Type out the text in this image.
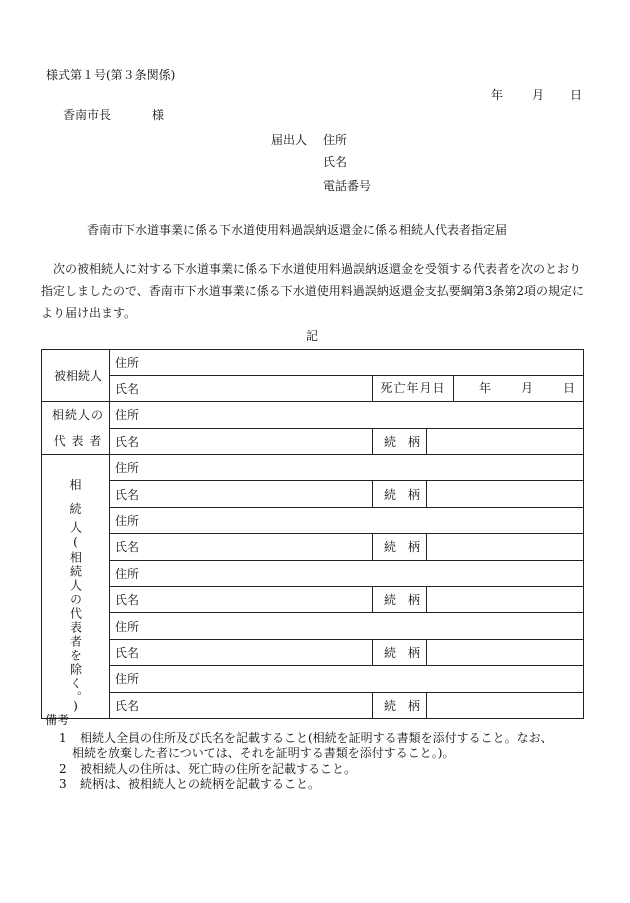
様式第１号(第３条関係)
年 月 日
香南市長	様
届出人 住所
氏名
電話番号
香南市下水道事業に係る下水道使用料過誤納返還金に係る相続人代表者指定届
次の被相続人に対する下水道事業に係る下水道使用料過誤納返還金を受領する代表者を次のとおり指定しましたので、香南市下水道事業に係る下水道使用料過誤納返還金支払要綱第3条第2項の規定により届け出ます。
記
被相続人	住所		
	氏名	死亡年月日 年 月 日	

相続人の
代 表 者	住所		
	氏名	続　柄	

相
続
人(相続人の代表者を除く。)	住所		
	氏名	続　柄	
	住所		
	氏名	続　柄	
	住所		
	氏名	続　柄	
	住所		
	氏名	続　柄	
	住所		
	氏名	続　柄	
備考
1 相続人全員の住所及び氏名を記載すること(相続を証明する書類を添付すること。なお、
相続を放棄した者については、それを証明する書類を添付すること。)。
2 被相続人の住所は、死亡時の住所を記載すること。
3 続柄は、被相続人との続柄を記載すること。
